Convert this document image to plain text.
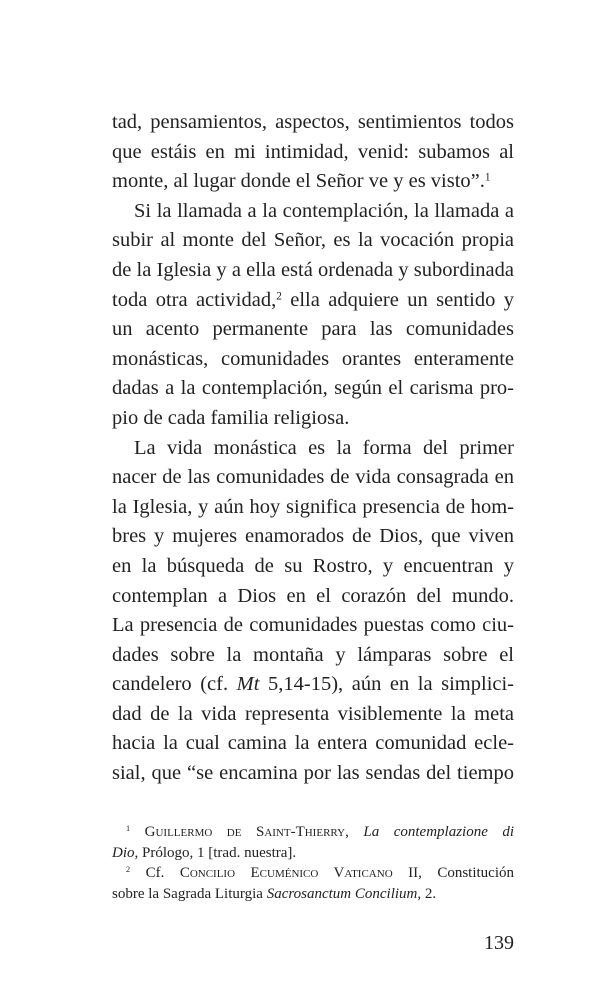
tad, pensamientos, aspectos, sentimientos todos
que estáis en mi intimidad, venid: subamos al
monte, al lugar donde el Señor ve y es visto”.$^1$
Si la llamada a la contemplación, la llamada a
subir al monte del Señor, es la vocación propia
de la Iglesia y a ella está ordenada y subordinada
toda otra actividad,$^2$ ella adquiere un sentido y
un acento permanente para las comunidades
monásticas, comunidades orantes enteramente
dadas a la contemplación, según el carisma pro-
pio de cada familia religiosa.
La vida monástica es la forma del primer
nacer de las comunidades de vida consagrada en
la Iglesia, y aún hoy significa presencia de hom-
bres y mujeres enamorados de Dios, que viven
en la búsqueda de su Rostro, y encuentran y
contemplan a Dios en el corazón del mundo.
La presencia de comunidades puestas como ciu-
dades sobre la montaña y lámparas sobre el
candelero (cf. Mt 5,14-15), aún en la simplici-
dad de la vida representa visiblemente la meta
hacia la cual camina la entera comunidad ecle-
sial, que “se encamina por las sendas del tiempo
$^1$ Guillermo de Saint-Thierry, La contemplazione di
Dio, Prólogo, 1 [trad. nuestra].
$^2$ Cf. Concilio Ecuménico Vaticano II, Constitución
sobre la Sagrada Liturgia Sacrosanctum Concilium, 2.
139
